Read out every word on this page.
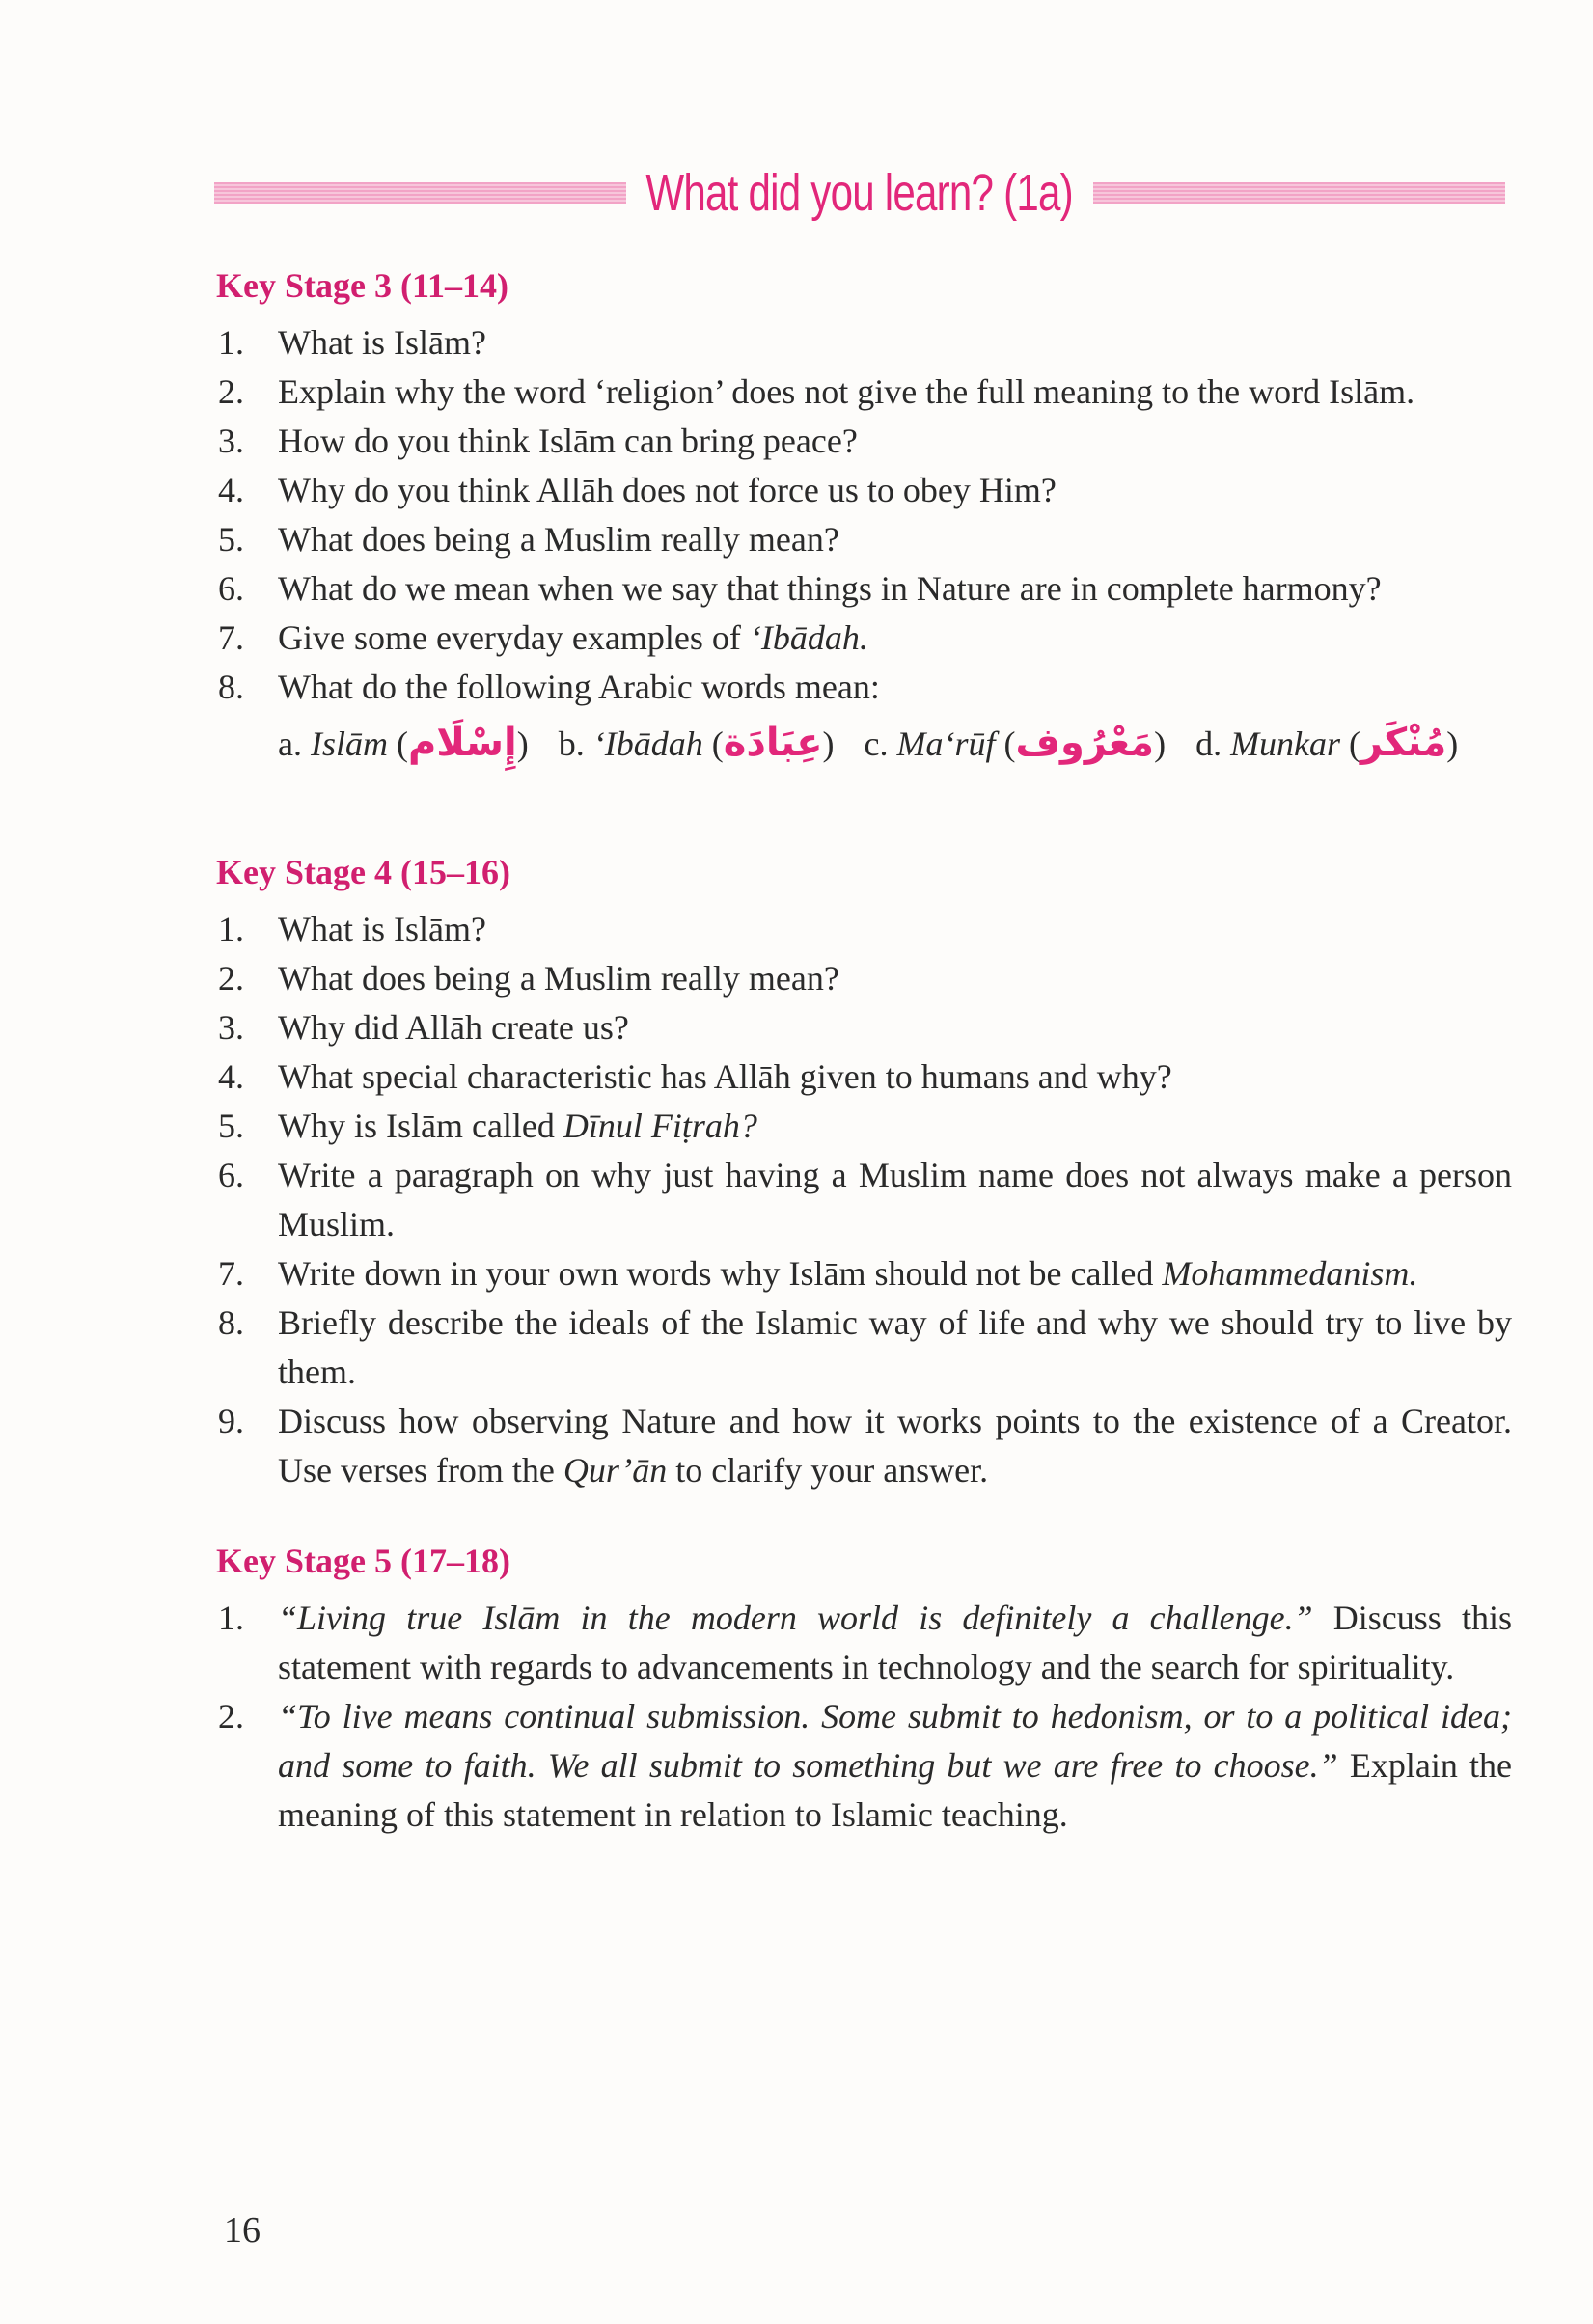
What did you learn? (1a)
Key Stage 3 (11–14)
1. What is Islām?
2. Explain why the word ‘religion’ does not give the full meaning to the word Islām.
3. How do you think Islām can bring peace?
4. Why do you think Allāh does not force us to obey Him?
5. What does being a Muslim really mean?
6. What do we mean when we say that things in Nature are in complete harmony?
7. Give some everyday examples of ‘Ibādah.
8. What do the following Arabic words mean:
a. Islām (إِسْلَام) b. ‘Ibādah (عِبَادَة) c. Ma‘rūf (مَعْرُوف) d. Munkar (مُنْكَر)
Key Stage 4 (15–16)
1. What is Islām?
2. What does being a Muslim really mean?
3. Why did Allāh create us?
4. What special characteristic has Allāh given to humans and why?
5. Why is Islām called Dīnul Fiṭrah?
6. Write a paragraph on why just having a Muslim name does not always make a person Muslim.
7. Write down in your own words why Islām should not be called Mohammedanism.
8. Briefly describe the ideals of the Islamic way of life and why we should try to live by them.
9. Discuss how observing Nature and how it works points to the existence of a Creator. Use verses from the Qur’ān to clarify your answer.
Key Stage 5 (17–18)
1. “Living true Islām in the modern world is definitely a challenge.” Discuss this statement with regards to advancements in technology and the search for spirituality.
2. “To live means continual submission. Some submit to hedonism, or to a political idea; and some to faith. We all submit to something but we are free to choose.” Explain the meaning of this statement in relation to Islamic teaching.
16
